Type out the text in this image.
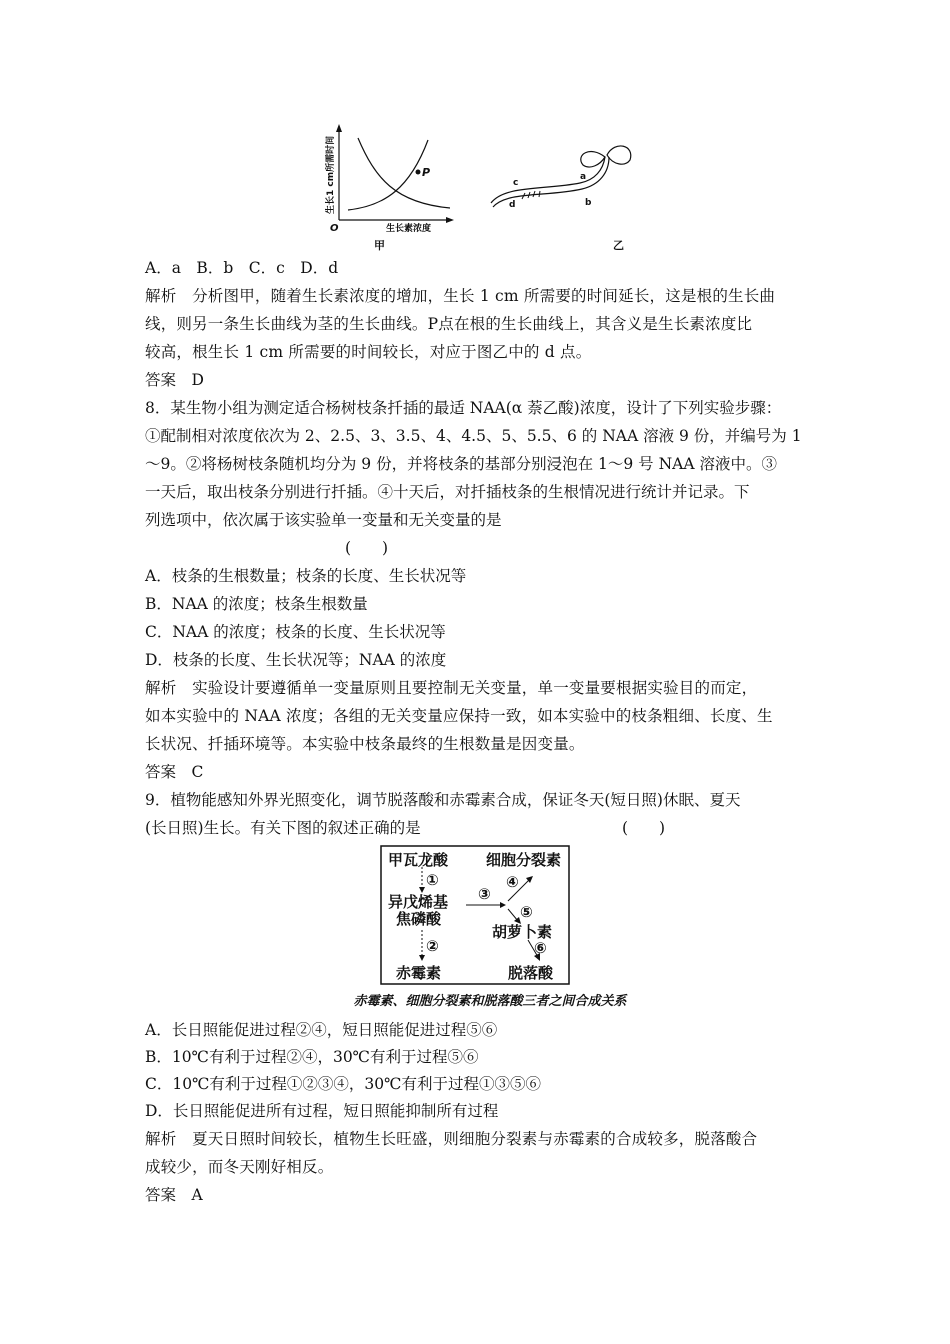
P
O	生长素浓度
生长1 cm所需时间
甲
c
a
d	b
乙
A．a　B．b　C．c　D．d
解析　分析图甲，随着生长素浓度的增加，生长 1 cm 所需要的时间延长，这是根的生长曲
线，则另一条生长曲线为茎的生长曲线。P点在根的生长曲线上，其含义是生长素浓度比
较高，根生长 1 cm 所需要的时间较长，对应于图乙中的 d 点。
答案　D
8．某生物小组为测定适合杨树枝条扦插的最适 NAA(α 萘乙酸)浓度，设计了下列实验步骤：
①配制相对浓度依次为 2、2.5、3、3.5、4、4.5、5、5.5、6 的 NAA 溶液 9 份，并编号为 1
～9。②将杨树枝条随机均分为 9 份，并将枝条的基部分别浸泡在 1～9 号 NAA 溶液中。③
一天后，取出枝条分别进行扦插。④十天后，对扦插枝条的生根情况进行统计并记录。下
列选项中，依次属于该实验单一变量和无关变量的是
(　　)
A．枝条的生根数量；枝条的长度、生长状况等
B．NAA 的浓度；枝条生根数量
C．NAA 的浓度；枝条的长度、生长状况等
D．枝条的长度、生长状况等；NAA 的浓度
解析　实验设计要遵循单一变量原则且要控制无关变量，单一变量要根据实验目的而定，
如本实验中的 NAA 浓度；各组的无关变量应保持一致，如本实验中的枝条粗细、长度、生
长状况、扦插环境等。本实验中枝条最终的生根数量是因变量。
答案　C
9．植物能感知外界光照变化，调节脱落酸和赤霉素合成，保证冬天(短日照)休眠、夏天
(长日照)生长。有关下图的叙述正确的是	(　　)
甲瓦龙酸	细胞分裂素
①
异戊烯基
焦磷酸
③
④
⑤
胡萝卜素
②	⑥
赤霉素	脱落酸
赤霉素、细胞分裂素和脱落酸三者之间合成关系
A．长日照能促进过程②④，短日照能促进过程⑤⑥
B．10℃有利于过程②④，30℃有利于过程⑤⑥
C．10℃有利于过程①②③④，30℃有利于过程①③⑤⑥
D．长日照能促进所有过程，短日照能抑制所有过程
解析　夏天日照时间较长，植物生长旺盛，则细胞分裂素与赤霉素的合成较多，脱落酸合
成较少，而冬天刚好相反。
答案　A
